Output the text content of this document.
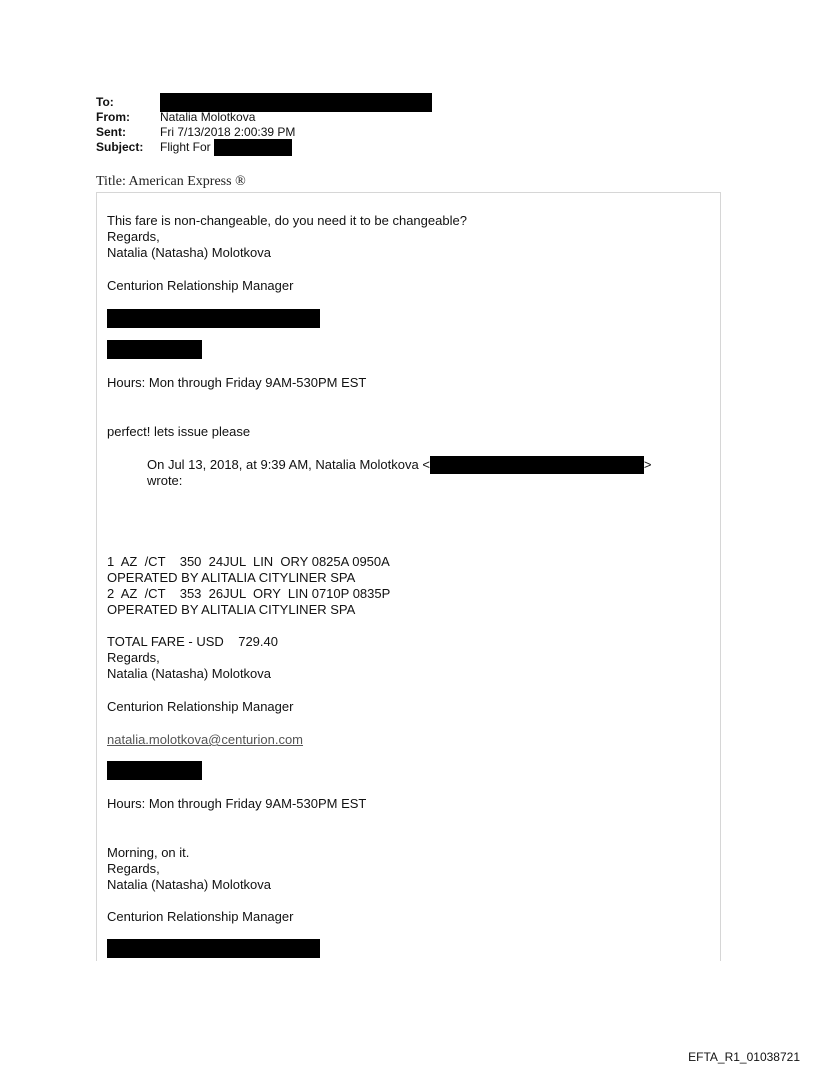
To:
From:	Natalia Molotkova
Sent:	Fri 7/13/2018 2:00:39 PM
Subject: Flight For
Title: American Express ®
This fare is non-changeable, do you need it to be changeable?
Regards,
Natalia (Natasha) Molotkova
Centurion Relationship Manager
Hours: Mon through Friday 9AM-530PM EST
perfect! lets issue please
On Jul 13, 2018, at 9:39 AM, Natalia Molotkova <	>
wrote:
1  AZ  /CT    350  24JUL  LIN  ORY 0825A 0950A
OPERATED BY ALITALIA CITYLINER SPA
2  AZ  /CT    353  26JUL  ORY  LIN 0710P 0835P
OPERATED BY ALITALIA CITYLINER SPA
TOTAL FARE - USD    729.40
Regards,
Natalia (Natasha) Molotkova
Centurion Relationship Manager
natalia.molotkova@centurion.com
Hours: Mon through Friday 9AM-530PM EST
Morning, on it.
Regards,
Natalia (Natasha) Molotkova
Centurion Relationship Manager
EFTA_R1_01038721
